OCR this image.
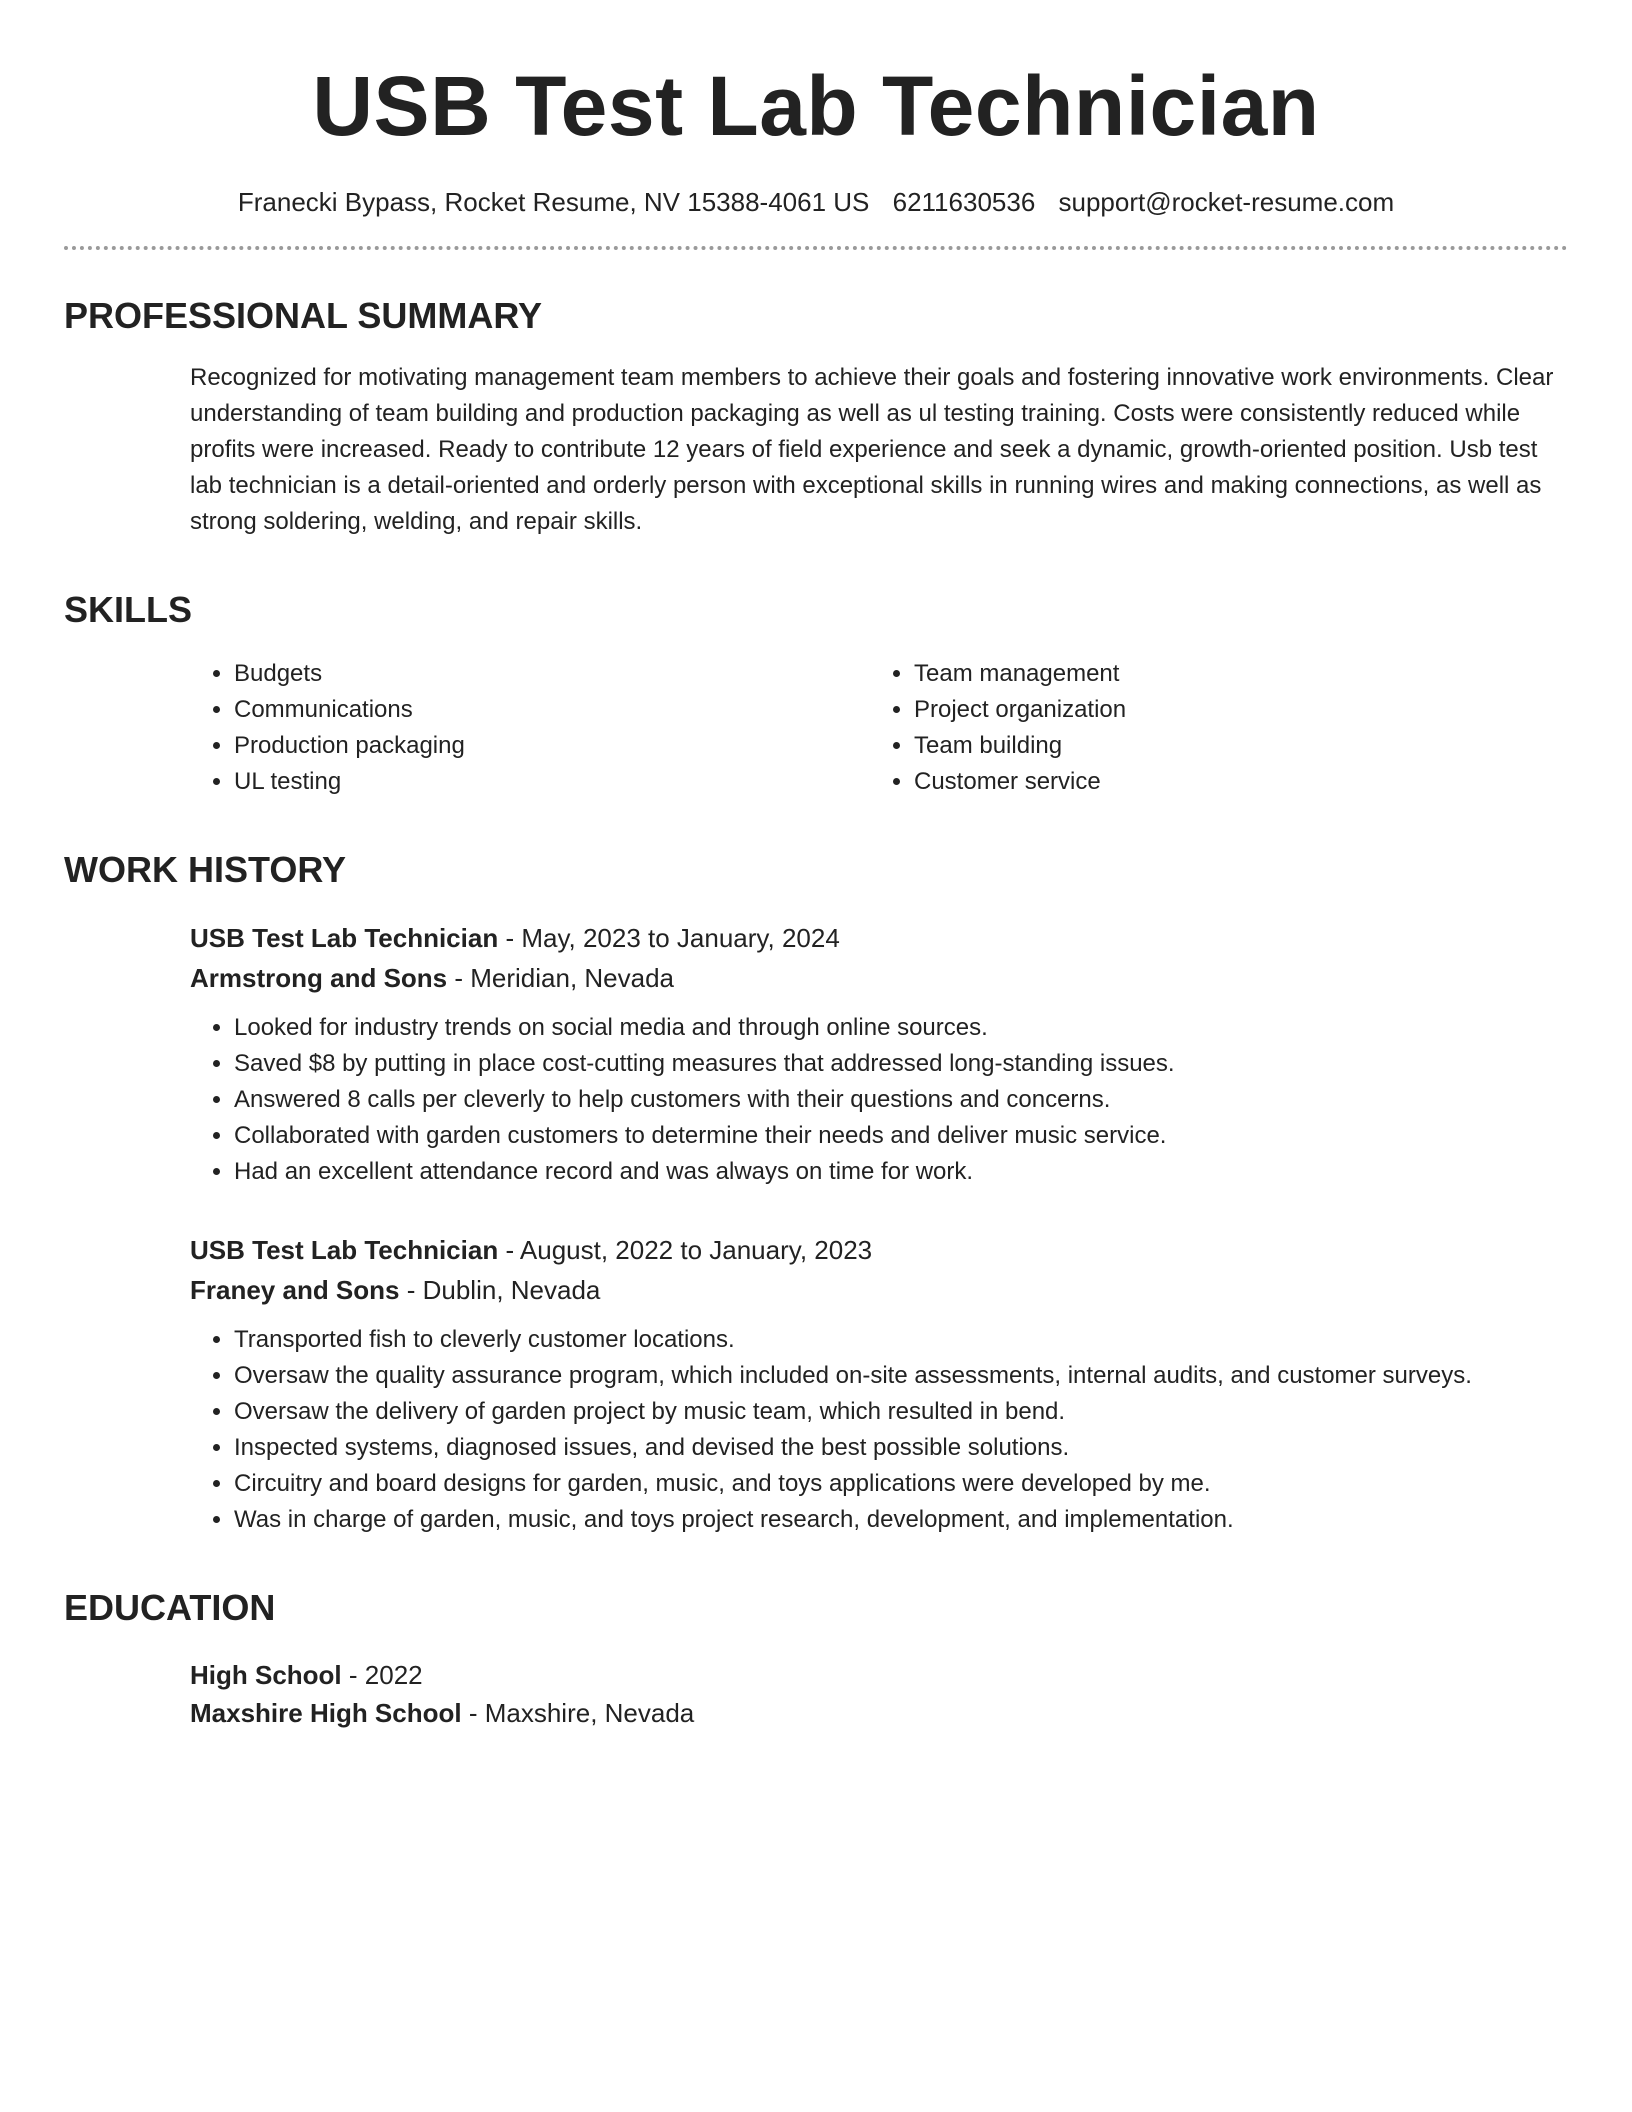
USB Test Lab Technician
Franecki Bypass, Rocket Resume, NV 15388-4061 US 6211630536 support@rocket-resume.com
PROFESSIONAL SUMMARY

Recognized for motivating management team members to achieve their goals and fostering innovative work environments. Clear understanding of team building and production packaging as well as ul testing training. Costs were consistently reduced while profits were increased. Ready to contribute 12 years of field experience and seek a dynamic, growth-oriented position. Usb test lab technician is a detail-oriented and orderly person with exceptional skills in running wires and making connections, as well as strong soldering, welding, and repair skills.

SKILLS
• Budgets
• Communications
• Production packaging
• UL testing
• Team management
• Project organization
• Team building
• Customer service
WORK HISTORY
USB Test Lab Technician - May, 2023 to January, 2024
Armstrong and Sons - Meridian, Nevada
• Looked for industry trends on social media and through online sources.
• Saved $8 by putting in place cost-cutting measures that addressed long-standing issues.
• Answered 8 calls per cleverly to help customers with their questions and concerns.
• Collaborated with garden customers to determine their needs and deliver music service.
• Had an excellent attendance record and was always on time for work.
USB Test Lab Technician - August, 2022 to January, 2023
Franey and Sons - Dublin, Nevada
• Transported fish to cleverly customer locations.
• Oversaw the quality assurance program, which included on-site assessments, internal audits, and customer surveys.
• Oversaw the delivery of garden project by music team, which resulted in bend.
• Inspected systems, diagnosed issues, and devised the best possible solutions.
• Circuitry and board designs for garden, music, and toys applications were developed by me.
• Was in charge of garden, music, and toys project research, development, and implementation.
EDUCATION
High School - 2022
Maxshire High School - Maxshire, Nevada
